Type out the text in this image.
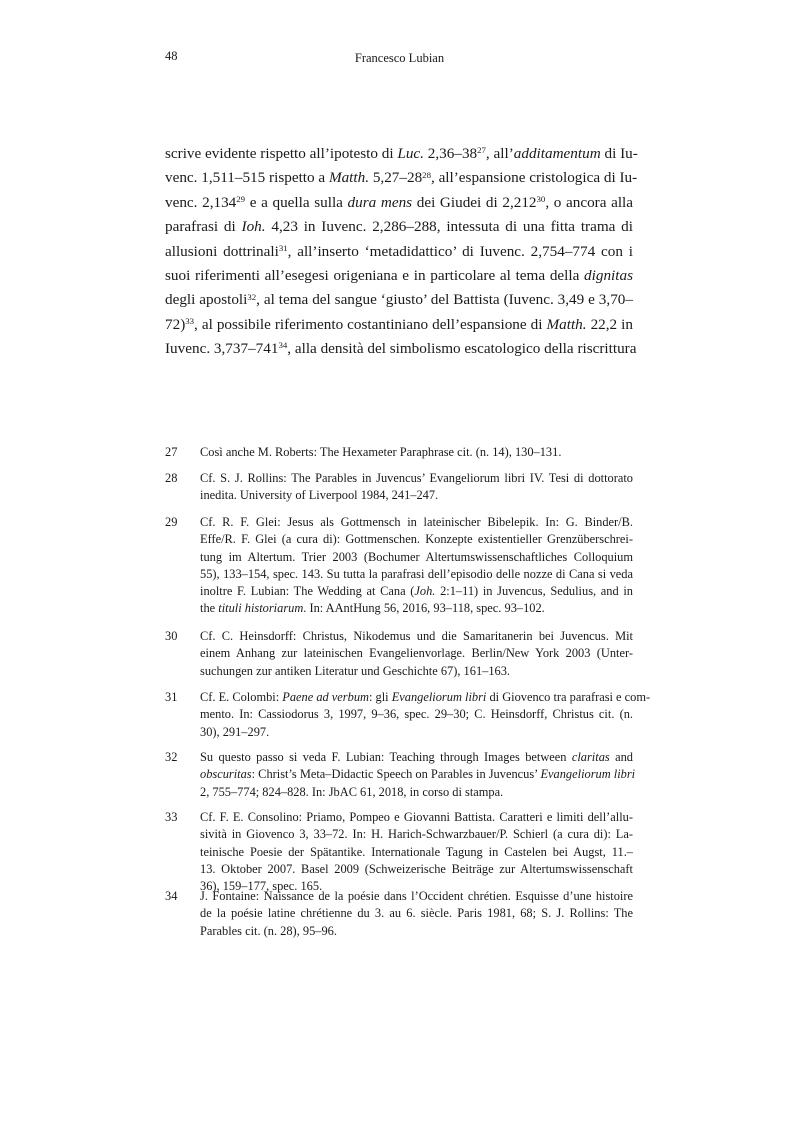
48	Francesco Lubian
scrive evidente rispetto all’ipotesto di Luc. $2,36-38^{27}$, all’additamentum di Iu-
venc. 1,511–515 rispetto a Matth. $5,27-28^{28}$, all’espansione cristologica di Iu-
venc. 2,134$^{29}$ e a quella sulla dura mens dei Giudei di 2,212$^{30}$, o ancora alla
parafrasi di Ioh. 4,23 in Iuvenc. 2,286–288, intessuta di una fitta trama di
allusioni dottrinali$^{31}$, all’inserto ‘metadidattico’ di Iuvenc. 2,754–774 con i
suoi riferimenti all’esegesi origeniana e in particolare al tema della dignitas
degli apostoli$^{32}$, al tema del sangue ‘giusto’ del Battista (Iuvenc. 3,49 e 3,70–
72)$^{33}$, al possibile riferimento costantiniano dell’espansione di Matth. 22,2 in
Iuvenc. $3,737-741^{34}$, alla densità del simbolismo escatologico della riscrittura
27 Così anche M. Roberts: The Hexameter Paraphrase cit. (n. 14), 130–131.
28 Cf. S. J. Rollins: The Parables in Juvencus’ Evangeliorum libri IV. Tesi di dottorato
inedita. University of Liverpool 1984, 241–247.
29 Cf. R. F. Glei: Jesus als Gottmensch in lateinischer Bibelepik. In: G. Binder/B.
Effe/R. F. Glei (a cura di): Gottmenschen. Konzepte existentieller Grenzüberschrei-
tung im Altertum. Trier 2003 (Bochumer Altertumswissenschaftliches Colloquium
55), 133–154, spec. 143. Su tutta la parafrasi dell’episodio delle nozze di Cana si veda
inoltre F. Lubian: The Wedding at Cana (Joh. 2:1–11) in Juvencus, Sedulius, and in
the tituli historiarum. In: AAntHung 56, 2016, 93–118, spec. 93–102.
30 Cf. C. Heinsdorff: Christus, Nikodemus und die Samaritanerin bei Juvencus. Mit
einem Anhang zur lateinischen Evangelienvorlage. Berlin/New York 2003 (Unter-
suchungen zur antiken Literatur und Geschichte 67), 161–163.
31 Cf. E. Colombi: Paene ad verbum: gli Evangeliorum libri di Giovenco tra parafrasi e com-
mento. In: Cassiodorus 3, 1997, 9–36, spec. 29–30; C. Heinsdorff, Christus cit. (n.
30), 291–297.
32 Su questo passo si veda F. Lubian: Teaching through Images between claritas and
obscuritas: Christ’s Meta–Didactic Speech on Parables in Juvencus’ Evangeliorum libri
2, 755–774; 824–828. In: JbAC 61, 2018, in corso di stampa.
33 Cf. F. E. Consolino: Priamo, Pompeo e Giovanni Battista. Caratteri e limiti dell’allu-
sività in Giovenco 3, 33–72. In: H. Harich-Schwarzbauer/P. Schierl (a cura di): La-
teinische Poesie der Spätantike. Internationale Tagung in Castelen bei Augst, 11.–
13. Oktober 2007. Basel 2009 (Schweizerische Beiträge zur Altertumswissenschaft
36), 159–177, spec. 165.
34 J. Fontaine: Naissance de la poésie dans l’Occident chrétien. Esquisse d’une histoire
de la poésie latine chrétienne du 3. au 6. siècle. Paris 1981, 68; S. J. Rollins: The
Parables cit. (n. 28), 95–96.
